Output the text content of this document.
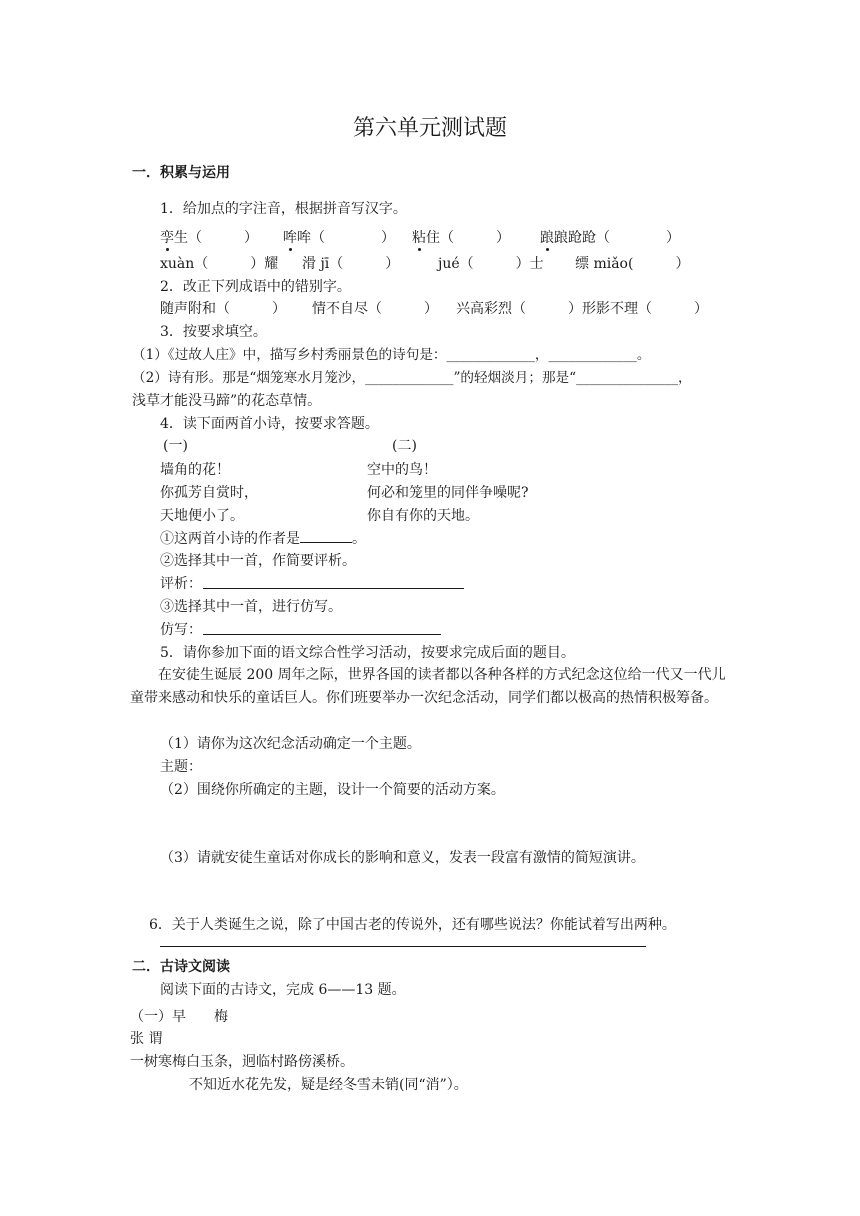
第六单元测试题
一．积累与运用
1．给加点的字注音，根据拼音写汉字。
孪生（　　　） 哞哞（　　　　） 粘住（　　　） 踉踉跄跄（　　　　）
xuàn（　　　）耀 滑 jī（　　　）	jué（　　　）士 缥 miǎo(　　　）
2．改正下列成语中的错别字。
随声附和（　　　） 情不自尽（　　　） 兴高彩烈（　　　）形影不理（　　　）
3．按要求填空。
（1）《过故人庄》中，描写乡村秀丽景色的诗句是：_____________，_____________。
（2）诗有形。那是“烟笼寒水月笼沙，_____________”的轻烟淡月；那是“_______________，
浅草才能没马蹄”的花态草情。
4．读下面两首小诗，按要求答题。
(一)	(二)
墙角的花！	空中的鸟！
你孤芳自赏时，	何必和笼里的同伴争噪呢?
天地便小了。	你自有你的天地。
①这两首小诗的作者是	。
②选择其中一首，作简要评析。
评析：
③选择其中一首，进行仿写。
仿写：
5．请你参加下面的语文综合性学习活动，按要求完成后面的题目。
在安徒生诞辰 200 周年之际，世界各国的读者都以各种各样的方式纪念这位给一代又一代儿童带来感动和快乐的童话巨人。你们班要举办一次纪念活动，同学们都以极高的热情积极筹备。
（1）请你为这次纪念活动确定一个主题。
主题：
（2）围绕你所确定的主题，设计一个简要的活动方案。
（3）请就安徒生童话对你成长的影响和意义，发表一段富有激情的简短演讲。
6．关于人类诞生之说，除了中国古老的传说外，还有哪些说法？你能试着写出两种。
二．古诗文阅读
阅读下面的古诗文，完成 6——13 题。
（一）早　　梅
张 谓
一树寒梅白玉条，迥临村路傍溪桥。
不知近水花先发，疑是经冬雪未销(同“消”）。
